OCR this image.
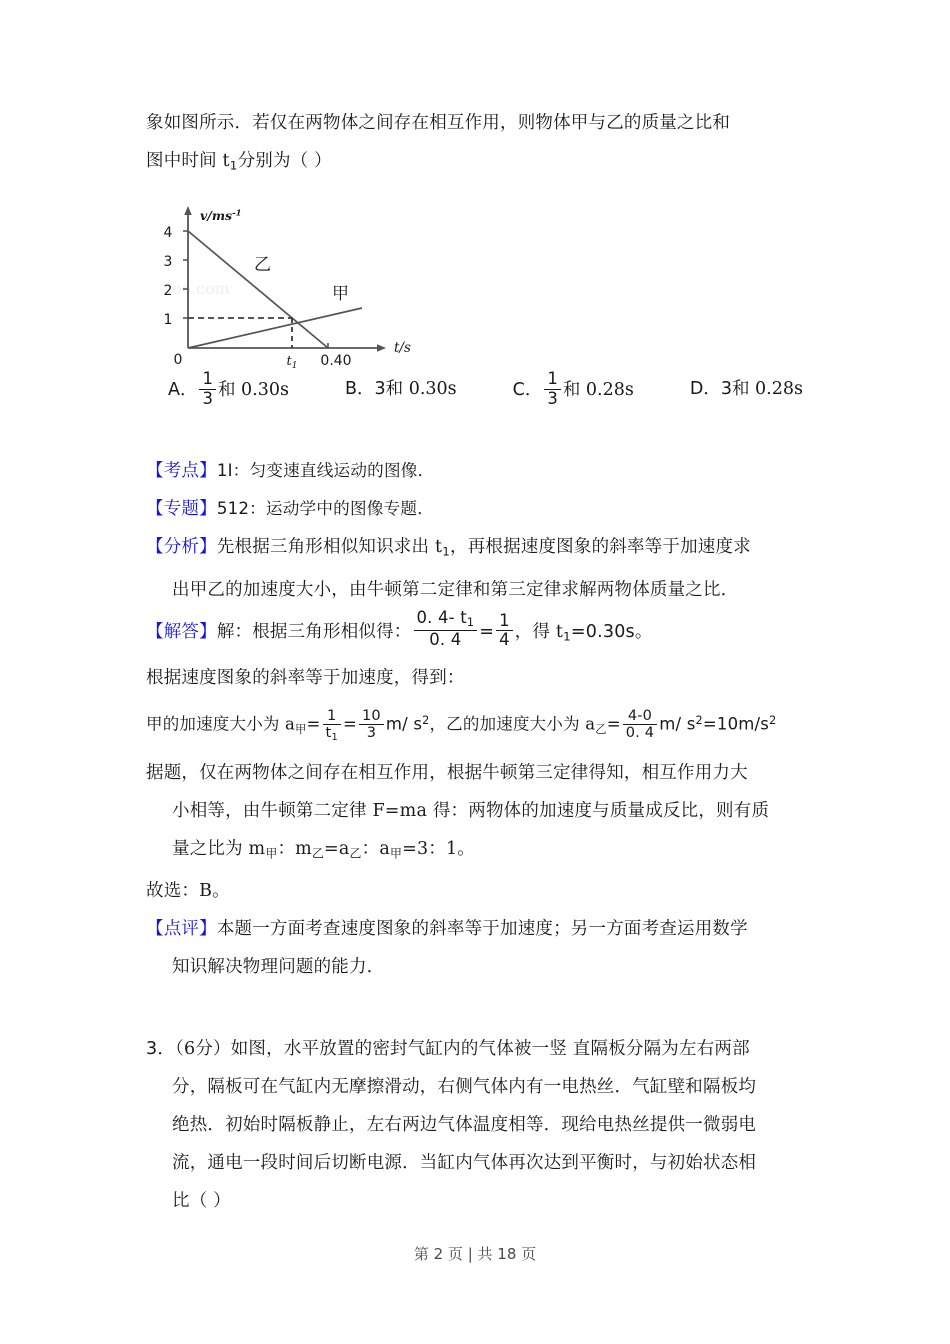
象如图所示．若仅在两物体之间存在相互作用，则物体甲与乙的质量之比和
图中时间 $t_1$分别为（ ）
oo.com
$v/ms^{-1}$
t/s
4
3
2
1
0	$t_1$ 0.40
乙
甲
A． $\frac{1}{3}$ 和 0.30s	B．3和 0.30s	C． $\frac{1}{3}$ 和 0.28s	D．3和 0.28s
【考点】1I：匀变速直线运动的图像．
【专题】512：运动学中的图像专题．
【分析】先根据三角形相似知识求出 $t_1$，再根据速度图象的斜率等于加速度求
出甲乙的加速度大小，由牛顿第二定律和第三定律求解两物体质量之比．
【解答】解：根据三角形相似得： $\frac{0. 4- t_1}{0. 4} = \frac{1}{4}$ ，得 $t_1=0.30s$。
根据速度图象的斜率等于加速度，得到：
甲的加速度大小为 $a_甲= \frac{1}{t_1} = \frac{10}{3} m/$ $s^2$，乙的加速度大小为 $a_乙= \frac{4-0}{0. 4} m/$ $s^2=10m/s^2$
据题，仅在两物体之间存在相互作用，根据牛顿第三定律得知，相互作用力大
小相等，由牛顿第二定律 F=ma 得：两物体的加速度与质量成反比，则有质
量之比为 $m_甲$：$m_乙=a_乙$：$a_甲=3$：1。
故选：B。
【点评】本题一方面考查速度图象的斜率等于加速度；另一方面考查运用数学
知识解决物理问题的能力．
3．（6分）如图，水平放置的密封气缸内的气体被一竖 直隔板分隔为左右两部
分，隔板可在气缸内无摩擦滑动，右侧气体内有一电热丝．气缸壁和隔板均
绝热．初始时隔板静止，左右两边气体温度相等．现给电热丝提供一微弱电
流，通电一段时间后切断电源．当缸内气体再次达到平衡时，与初始状态相
比（ ）
第 2 页 | 共 18 页
